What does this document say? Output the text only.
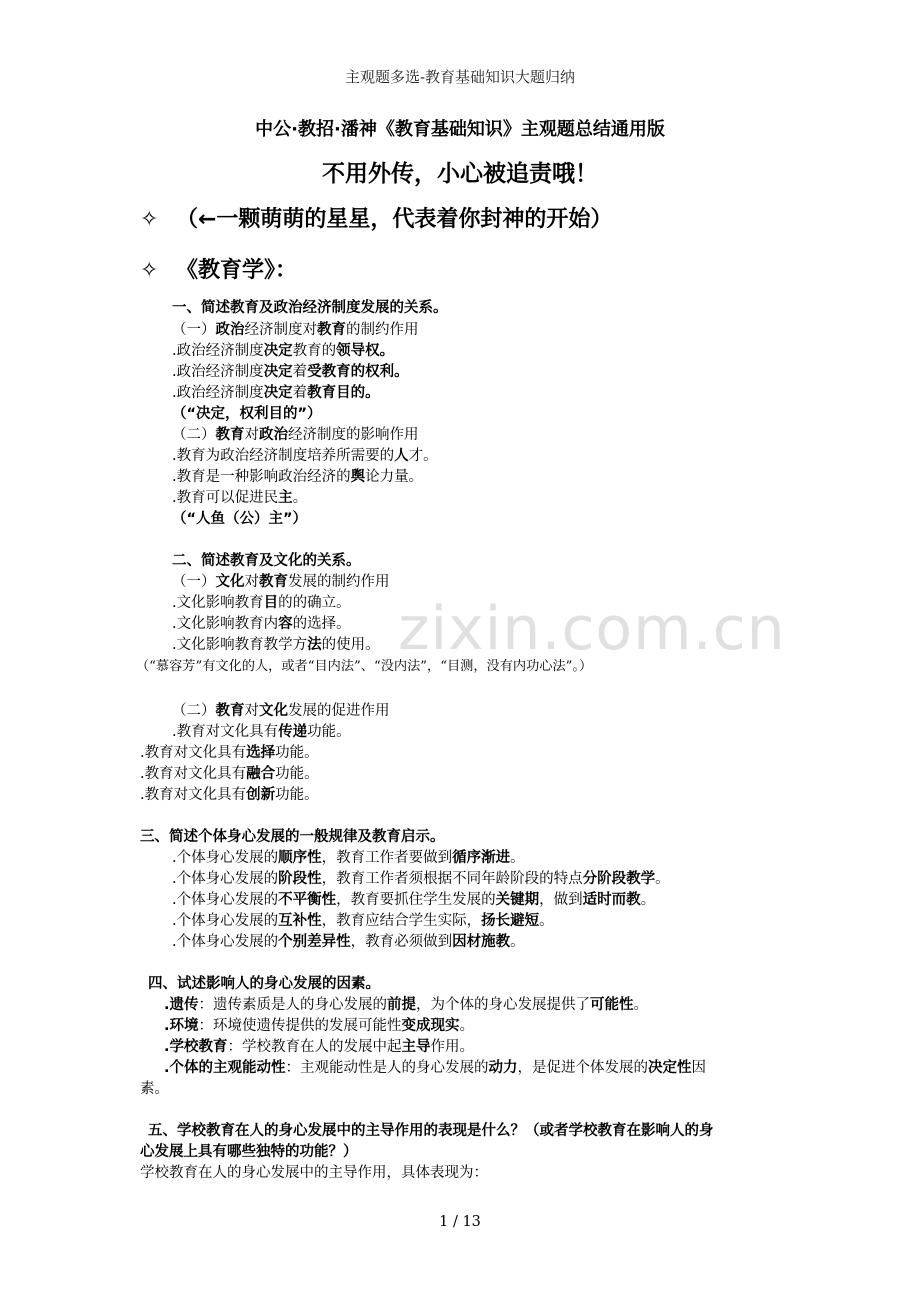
主观题多选-教育基础知识大题归纳
中公·教招·潘神《教育基础知识》主观题总结通用版
不用外传，小心被追责哦！
✧ （←一颗萌萌的星星，代表着你封神的开始）
✧ 《教育学》：
一、简述教育及政治经济制度发展的关系。
（一）政治经济制度对教育的制约作用
.政治经济制度决定教育的领导权。
.政治经济制度决定着受教育的权利。
.政治经济制度决定着教育目的。
（“决定，权利目的”）
（二）教育对政治经济制度的影响作用
.教育为政治经济制度培养所需要的人才。
.教育是一种影响政治经济的舆论力量。
.教育可以促进民主。
（“人鱼（公）主”）
二、简述教育及文化的关系。
（一）文化对教育发展的制约作用
.文化影响教育目的的确立。
.文化影响教育内容的选择。
.文化影响教育教学方法的使用。 zixin.com.cn
（“慕容芳”有文化的人，或者“目内法”、“没内法”，“目测，没有内功心法”。）
（二）教育对文化发展的促进作用
.教育对文化具有传递功能。
.教育对文化具有选择功能。
.教育对文化具有融合功能。
.教育对文化具有创新功能。
三、简述个体身心发展的一般规律及教育启示。
.个体身心发展的顺序性，教育工作者要做到循序渐进。
.个体身心发展的阶段性，教育工作者须根据不同年龄阶段的特点分阶段教学。
.个体身心发展的不平衡性，教育要抓住学生发展的关键期，做到适时而教。
.个体身心发展的互补性，教育应结合学生实际，扬长避短。
.个体身心发展的个别差异性，教育必须做到因材施教。
四、试述影响人的身心发展的因素。
.遗传：遗传素质是人的身心发展的前提，为个体的身心发展提供了可能性。
.环境：环境使遗传提供的发展可能性变成现实。
.学校教育：学校教育在人的发展中起主导作用。
.个体的主观能动性：主观能动性是人的身心发展的动力，是促进个体发展的决定性因
素。
五、学校教育在人的身心发展中的主导作用的表现是什么？（或者学校教育在影响人的身
心发展上具有哪些独特的功能？）
学校教育在人的身心发展中的主导作用，具体表现为：
1 / 13
